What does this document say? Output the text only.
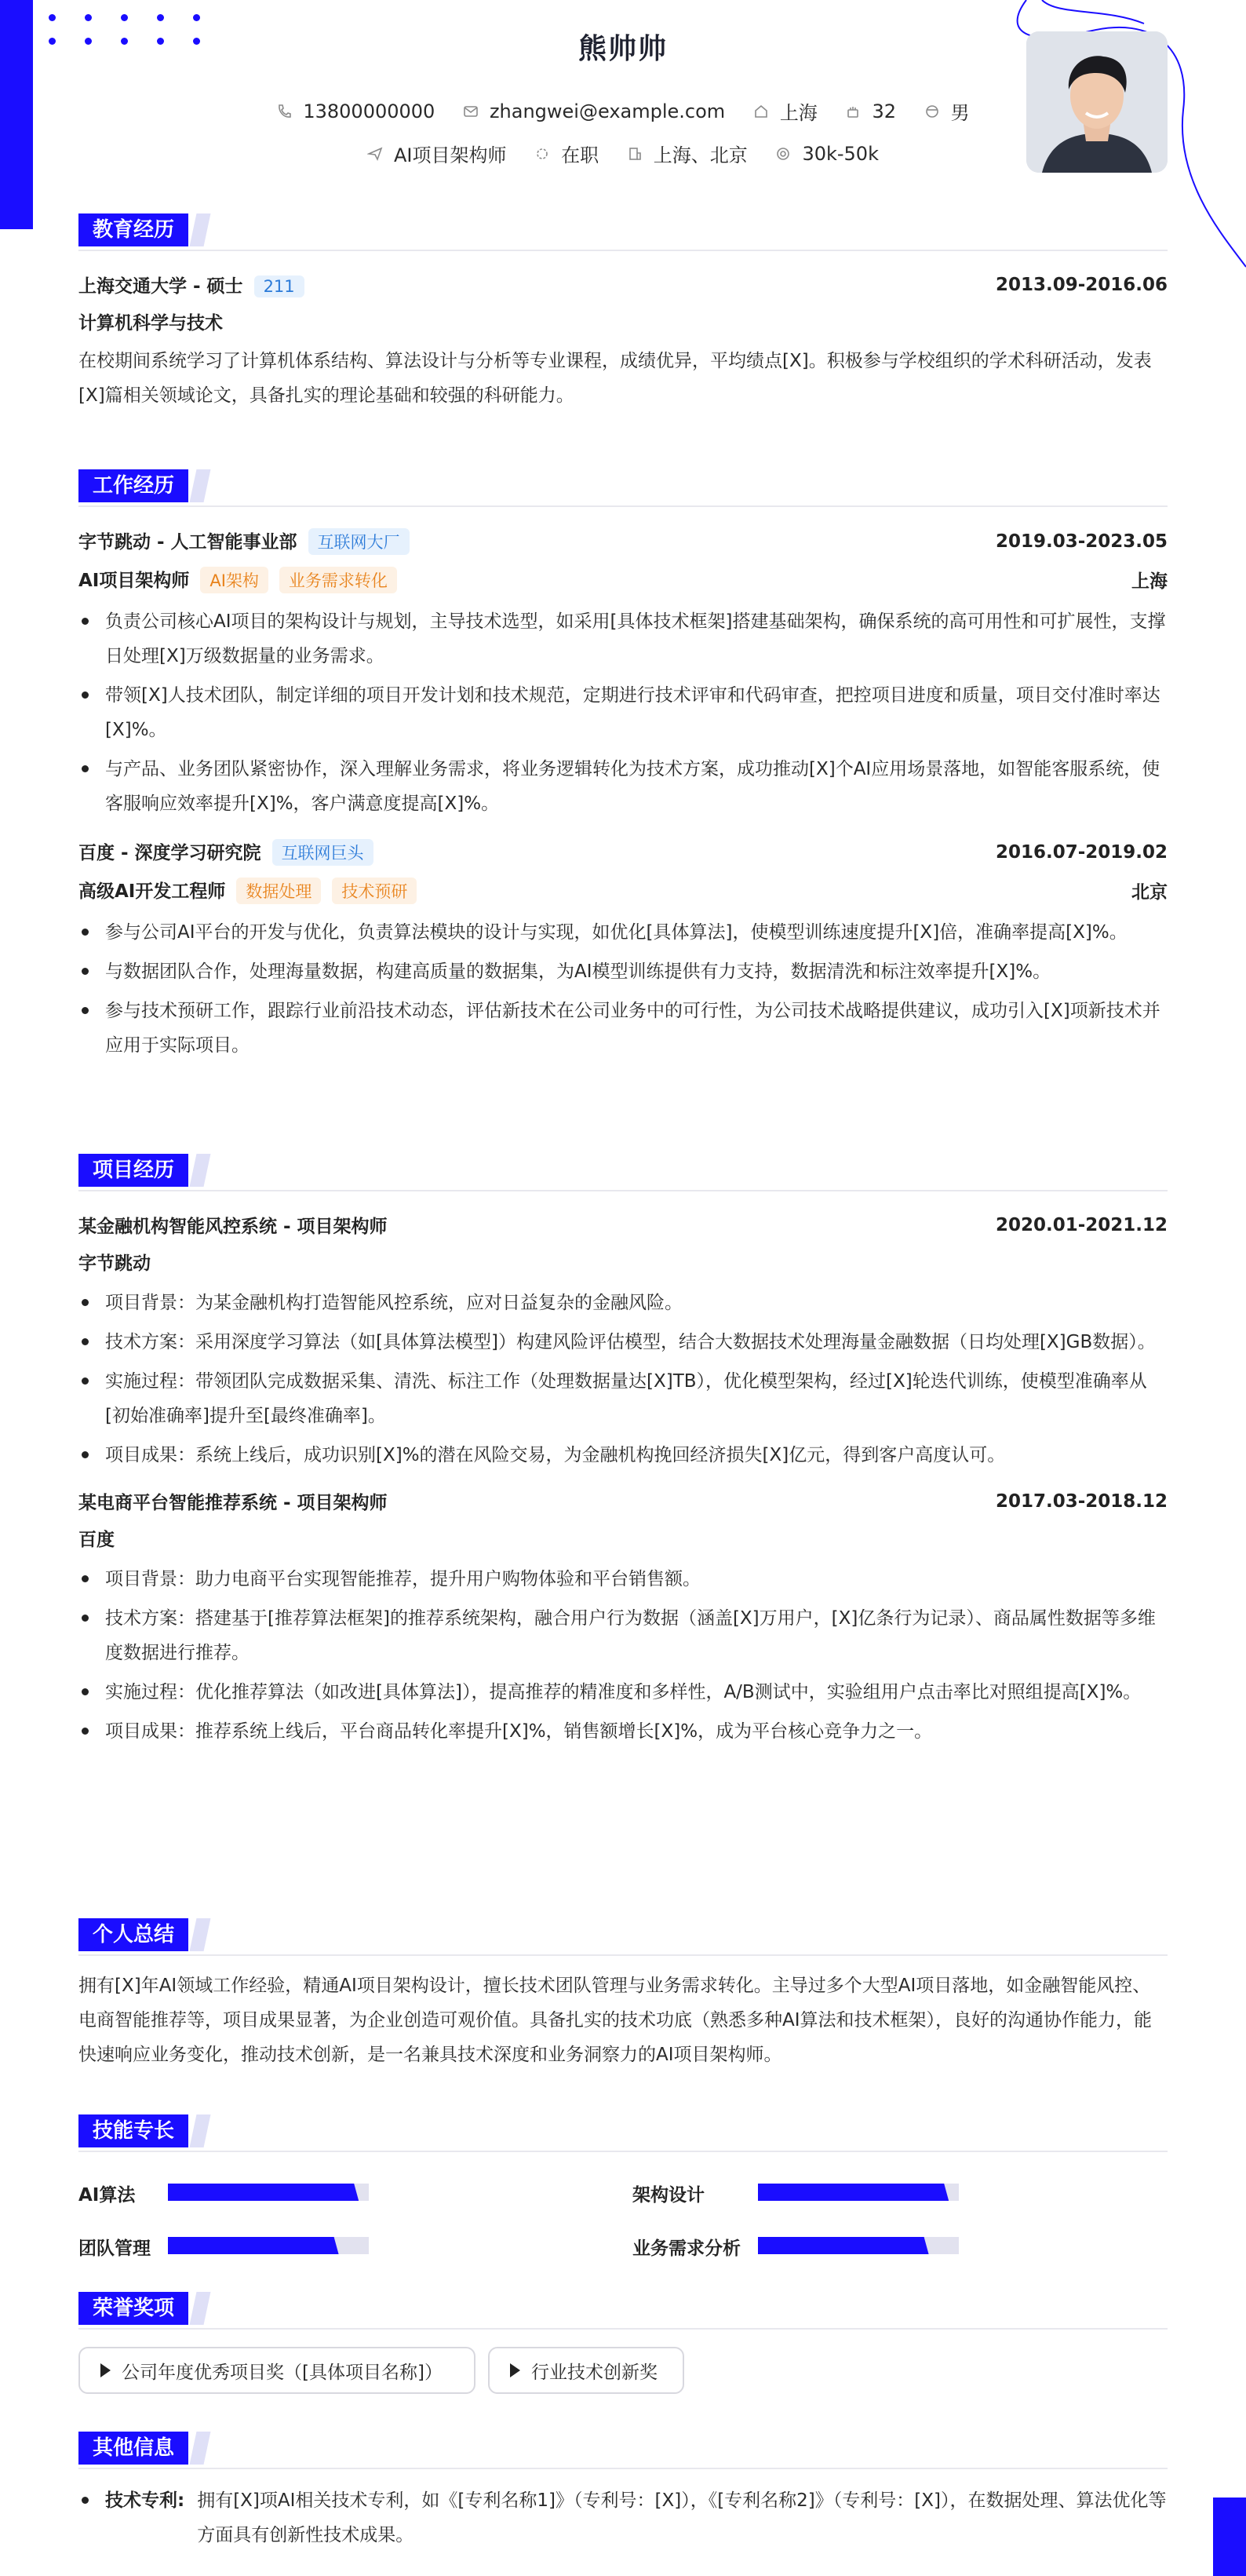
熊帅帅
13800000000
	zhangwei@example.com
	上海
	32
	男
AI项目架构师
	在职
	上海、北京
	30k-50k
教育经历
上海交通大学 - 硕士 211	2013.09-2016.06
计算机科学与技术
在校期间系统学习了计算机体系结构、算法设计与分析等专业课程，成绩优异，平均绩点[X]。积极参与学校组织的学术科研活动，发表[X]篇相关领域论文，具备扎实的理论基础和较强的科研能力。
工作经历
字节跳动 - 人工智能事业部 互联网大厂	2019.03-2023.05
AI项目架构师 AI架构 业务需求转化	上海
负责公司核心AI项目的架构设计与规划，主导技术选型，如采用[具体技术框架]搭建基础架构，确保系统的高可用性和可扩展性，支撑日处理[X]万级数据量的业务需求。
带领[X]人技术团队，制定详细的项目开发计划和技术规范，定期进行技术评审和代码审查，把控项目进度和质量，项目交付准时率达[X]%。
与产品、业务团队紧密协作，深入理解业务需求，将业务逻辑转化为技术方案，成功推动[X]个AI应用场景落地，如智能客服系统，使客服响应效率提升[X]%，客户满意度提高[X]%。
百度 - 深度学习研究院 互联网巨头	2016.07-2019.02
高级AI开发工程师 数据处理 技术预研	北京
参与公司AI平台的开发与优化，负责算法模块的设计与实现，如优化[具体算法]，使模型训练速度提升[X]倍，准确率提高[X]%。
与数据团队合作，处理海量数据，构建高质量的数据集，为AI模型训练提供有力支持，数据清洗和标注效率提升[X]%。
参与技术预研工作，跟踪行业前沿技术动态，评估新技术在公司业务中的可行性，为公司技术战略提供建议，成功引入[X]项新技术并应用于实际项目。
项目经历
某金融机构智能风控系统 - 项目架构师	2020.01-2021.12
字节跳动
项目背景：为某金融机构打造智能风控系统，应对日益复杂的金融风险。
技术方案：采用深度学习算法（如[具体算法模型]）构建风险评估模型，结合大数据技术处理海量金融数据（日均处理[X]GB数据）。
实施过程：带领团队完成数据采集、清洗、标注工作（处理数据量达[X]TB），优化模型架构，经过[X]轮迭代训练，使模型准确率从[初始准确率]提升至[最终准确率]。
项目成果：系统上线后，成功识别[X]%的潜在风险交易，为金融机构挽回经济损失[X]亿元，得到客户高度认可。
某电商平台智能推荐系统 - 项目架构师	2017.03-2018.12
百度
项目背景：助力电商平台实现智能推荐，提升用户购物体验和平台销售额。
技术方案：搭建基于[推荐算法框架]的推荐系统架构，融合用户行为数据（涵盖[X]万用户，[X]亿条行为记录）、商品属性数据等多维度数据进行推荐。
实施过程：优化推荐算法（如改进[具体算法]），提高推荐的精准度和多样性，A/B测试中，实验组用户点击率比对照组提高[X]%。
项目成果：推荐系统上线后，平台商品转化率提升[X]%，销售额增长[X]%，成为平台核心竞争力之一。
个人总结
拥有[X]年AI领域工作经验，精通AI项目架构设计，擅长技术团队管理与业务需求转化。主导过多个大型AI项目落地，如金融智能风控、电商智能推荐等，项目成果显著，为企业创造可观价值。具备扎实的技术功底（熟悉多种AI算法和技术框架），良好的沟通协作能力，能快速响应业务变化，推动技术创新，是一名兼具技术深度和业务洞察力的AI项目架构师。
技能专长
AI算法	架构设计
团队管理	业务需求分析
荣誉奖项
公司年度优秀项目奖（[具体项目名称]）	行业技术创新奖
其他信息
技术专利: 拥有[X]项AI相关技术专利，如《[专利名称1]》（专利号：[X]），《[专利名称2]》（专利号：[X]），在数据处理、算法优化等方面具有创新性技术成果。
